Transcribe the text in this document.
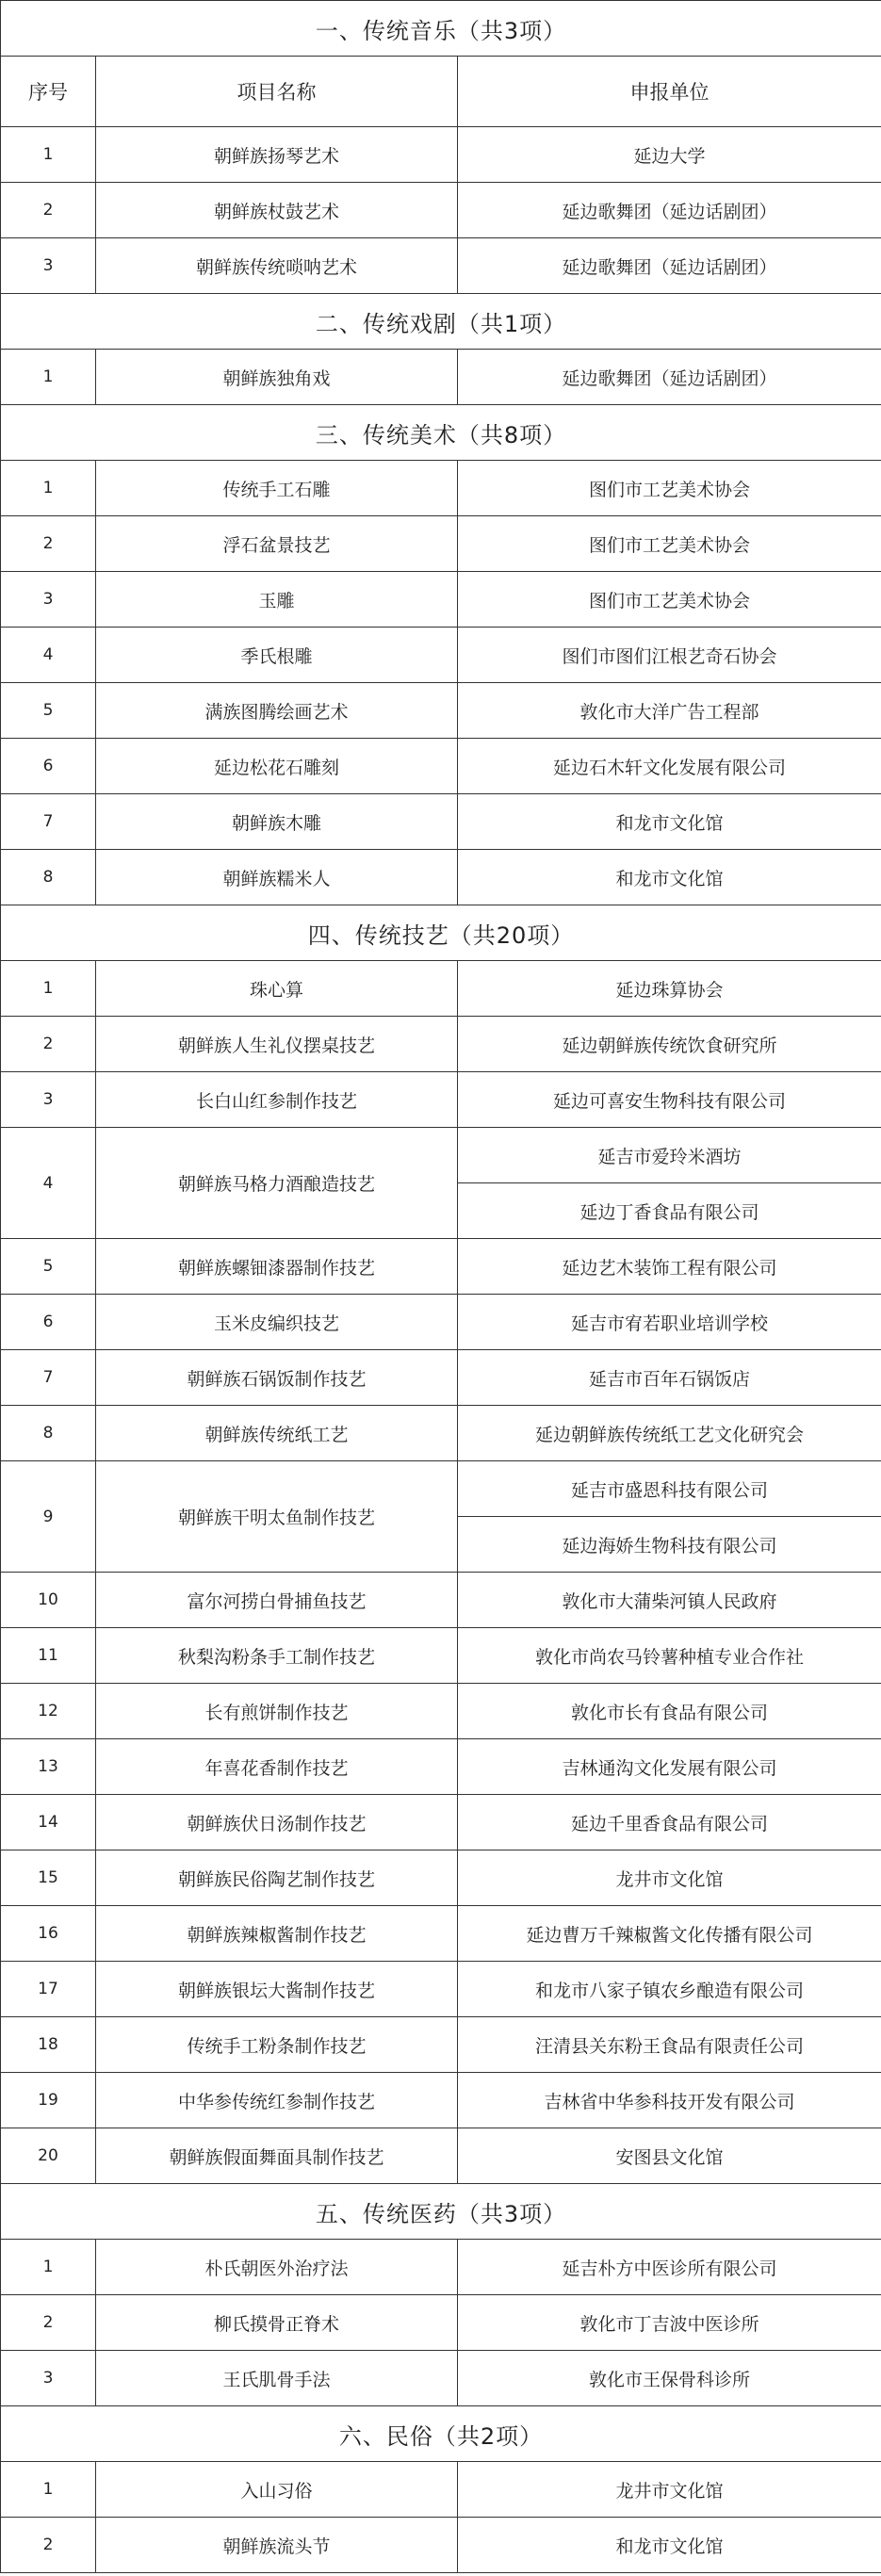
一、传统音乐（共3项）		
序号	项目名称	申报单位
1	朝鲜族扬琴艺术	延边大学
2	朝鲜族杖鼓艺术	延边歌舞团（延边话剧团）
3	朝鲜族传统唢呐艺术	延边歌舞团（延边话剧团）
二、传统戏剧（共1项）		
1	朝鲜族独角戏	延边歌舞团（延边话剧团）
三、传统美术（共8项）		
1	传统手工石雕	图们市工艺美术协会
2	浮石盆景技艺	图们市工艺美术协会
3	玉雕	图们市工艺美术协会
4	季氏根雕	图们市图们江根艺奇石协会
5	满族图腾绘画艺术	敦化市大洋广告工程部
6	延边松花石雕刻	延边石木轩文化发展有限公司
7	朝鲜族木雕	和龙市文化馆
8	朝鲜族糯米人	和龙市文化馆
四、传统技艺（共20项）		
1	珠心算	延边珠算协会
2	朝鲜族人生礼仪摆桌技艺	延边朝鲜族传统饮食研究所
3	长白山红参制作技艺	延边可喜安生物科技有限公司
4	朝鲜族马格力酒酿造技艺	延吉市爱玲米酒坊
		延边丁香食品有限公司
5	朝鲜族螺钿漆器制作技艺	延边艺木装饰工程有限公司
6	玉米皮编织技艺	延吉市宥若职业培训学校
7	朝鲜族石锅饭制作技艺	延吉市百年石锅饭店
8	朝鲜族传统纸工艺	延边朝鲜族传统纸工艺文化研究会
9	朝鲜族干明太鱼制作技艺	延吉市盛恩科技有限公司
		延边海娇生物科技有限公司
10	富尔河捞白骨捕鱼技艺	敦化市大蒲柴河镇人民政府
11	秋梨沟粉条手工制作技艺	敦化市尚农马铃薯种植专业合作社
12	长有煎饼制作技艺	敦化市长有食品有限公司
13	年喜花香制作技艺	吉林通沟文化发展有限公司
14	朝鲜族伏日汤制作技艺	延边千里香食品有限公司
15	朝鲜族民俗陶艺制作技艺	龙井市文化馆
16	朝鲜族辣椒酱制作技艺	延边曹万千辣椒酱文化传播有限公司
17	朝鲜族银坛大酱制作技艺	和龙市八家子镇农乡酿造有限公司
18	传统手工粉条制作技艺	汪清县关东粉王食品有限责任公司
19	中华参传统红参制作技艺	吉林省中华参科技开发有限公司
20	朝鲜族假面舞面具制作技艺	安图县文化馆
五、传统医药（共3项）		
1	朴氏朝医外治疗法	延吉朴方中医诊所有限公司
2	柳氏摸骨正脊术	敦化市丁吉波中医诊所
3	王氏肌骨手法	敦化市王保骨科诊所
六、民俗（共2项）		
1	入山习俗	龙井市文化馆
2	朝鲜族流头节	和龙市文化馆
